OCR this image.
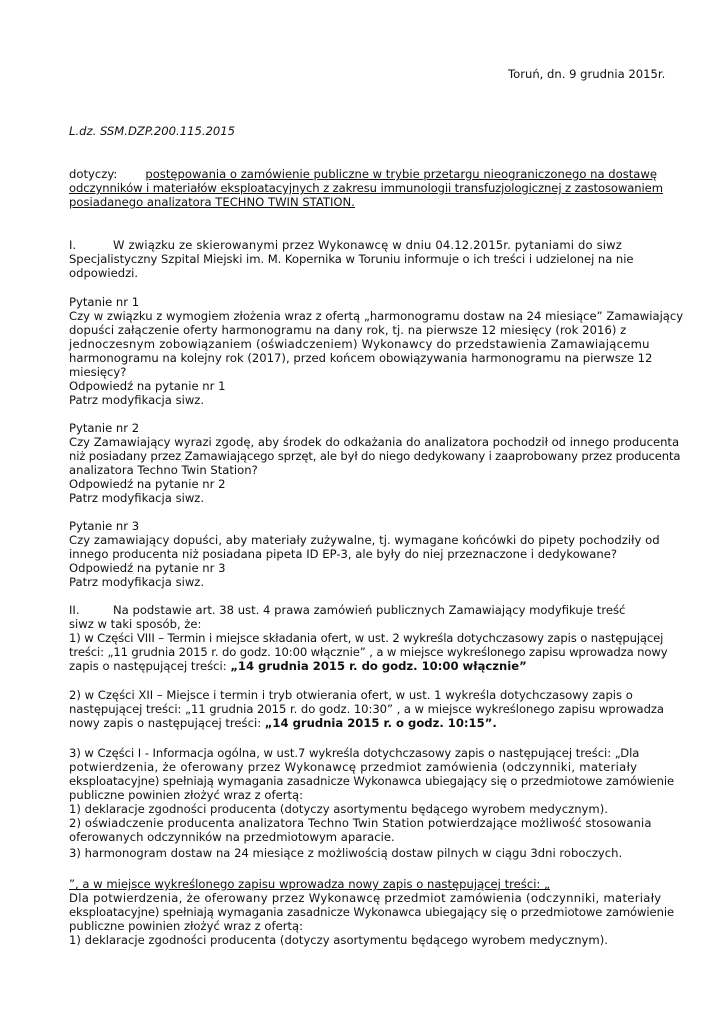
Toruń, dn. 9 grudnia 2015r.
L.dz. SSM.DZP.200.115.2015
dotyczy: postępowania o zamówienie publiczne w trybie przetargu nieograniczonego na dostawę
odczynników i materiałów eksploatacyjnych z zakresu immunologii transfuzjologicznej z zastosowaniem
posiadanego analizatora TECHNO TWIN STATION.
I.	W związku ze skierowanymi przez Wykonawcę w dniu 04.12.2015r. pytaniami do siwz
Specjalistyczny Szpital Miejski im. M. Kopernika w Toruniu informuje o ich treści i udzielonej na nie
odpowiedzi.
Pytanie nr 1
Czy w związku z wymogiem złożenia wraz z ofertą „harmonogramu dostaw na 24 miesiące” Zamawiający
dopuści załączenie oferty harmonogramu na dany rok, tj. na pierwsze 12 miesięcy (rok 2016) z
jednoczesnym zobowiązaniem (oświadczeniem) Wykonawcy do przedstawienia Zamawiającemu
harmonogramu na kolejny rok (2017), przed końcem obowiązywania harmonogramu na pierwsze 12
miesięcy?
Odpowiedź na pytanie nr 1
Patrz modyfikacja siwz.
Pytanie nr 2
Czy Zamawiający wyrazi zgodę, aby środek do odkażania do analizatora pochodził od innego producenta
niż posiadany przez Zamawiającego sprzęt, ale był do niego dedykowany i zaaprobowany przez producenta
analizatora Techno Twin Station?
Odpowiedź na pytanie nr 2
Patrz modyfikacja siwz.
Pytanie nr 3
Czy zamawiający dopuści, aby materiały zużywalne, tj. wymagane końcówki do pipety pochodziły od
innego producenta niż posiadana pipeta ID EP-3, ale były do niej przeznaczone i dedykowane?
Odpowiedź na pytanie nr 3
Patrz modyfikacja siwz.
II.	Na podstawie art. 38 ust. 4 prawa zamówień publicznych Zamawiający modyfikuje treść
siwz w taki sposób, że:
1) w Części VIII – Termin i miejsce składania ofert, w ust. 2 wykreśla dotychczasowy zapis o następującej
treści: „11 grudnia 2015 r. do godz. 10:00 włącznie” , a w miejsce wykreślonego zapisu wprowadza nowy
zapis o następującej treści: „14 grudnia 2015 r. do godz. 10:00 włącznie”
2) w Części XII – Miejsce i termin i tryb otwierania ofert, w ust. 1 wykreśla dotychczasowy zapis o
następującej treści: „11 grudnia 2015 r. do godz. 10:30” , a w miejsce wykreślonego zapisu wprowadza
nowy zapis o następującej treści: „14 grudnia 2015 r. o godz. 10:15”.
3) w Części I - Informacja ogólna, w ust.7 wykreśla dotychczasowy zapis o następującej treści: „Dla
potwierdzenia, że oferowany przez Wykonawcę przedmiot zamówienia (odczynniki, materiały
eksploatacyjne) spełniają wymagania zasadnicze Wykonawca ubiegający się o przedmiotowe zamówienie
publiczne powinien złożyć wraz z ofertą:
1) deklaracje zgodności producenta (dotyczy asortymentu będącego wyrobem medycznym).
2) oświadczenie producenta analizatora Techno Twin Station potwierdzające możliwość stosowania
oferowanych odczynników na przedmiotowym aparacie.
3) harmonogram dostaw na 24 miesiące z możliwością dostaw pilnych w ciągu 3dni roboczych.
”, a w miejsce wykreślonego zapisu wprowadza nowy zapis o następującej treści: „
Dla potwierdzenia, że oferowany przez Wykonawcę przedmiot zamówienia (odczynniki, materiały
eksploatacyjne) spełniają wymagania zasadnicze Wykonawca ubiegający się o przedmiotowe zamówienie
publiczne powinien złożyć wraz z ofertą:
1) deklaracje zgodności producenta (dotyczy asortymentu będącego wyrobem medycznym).
